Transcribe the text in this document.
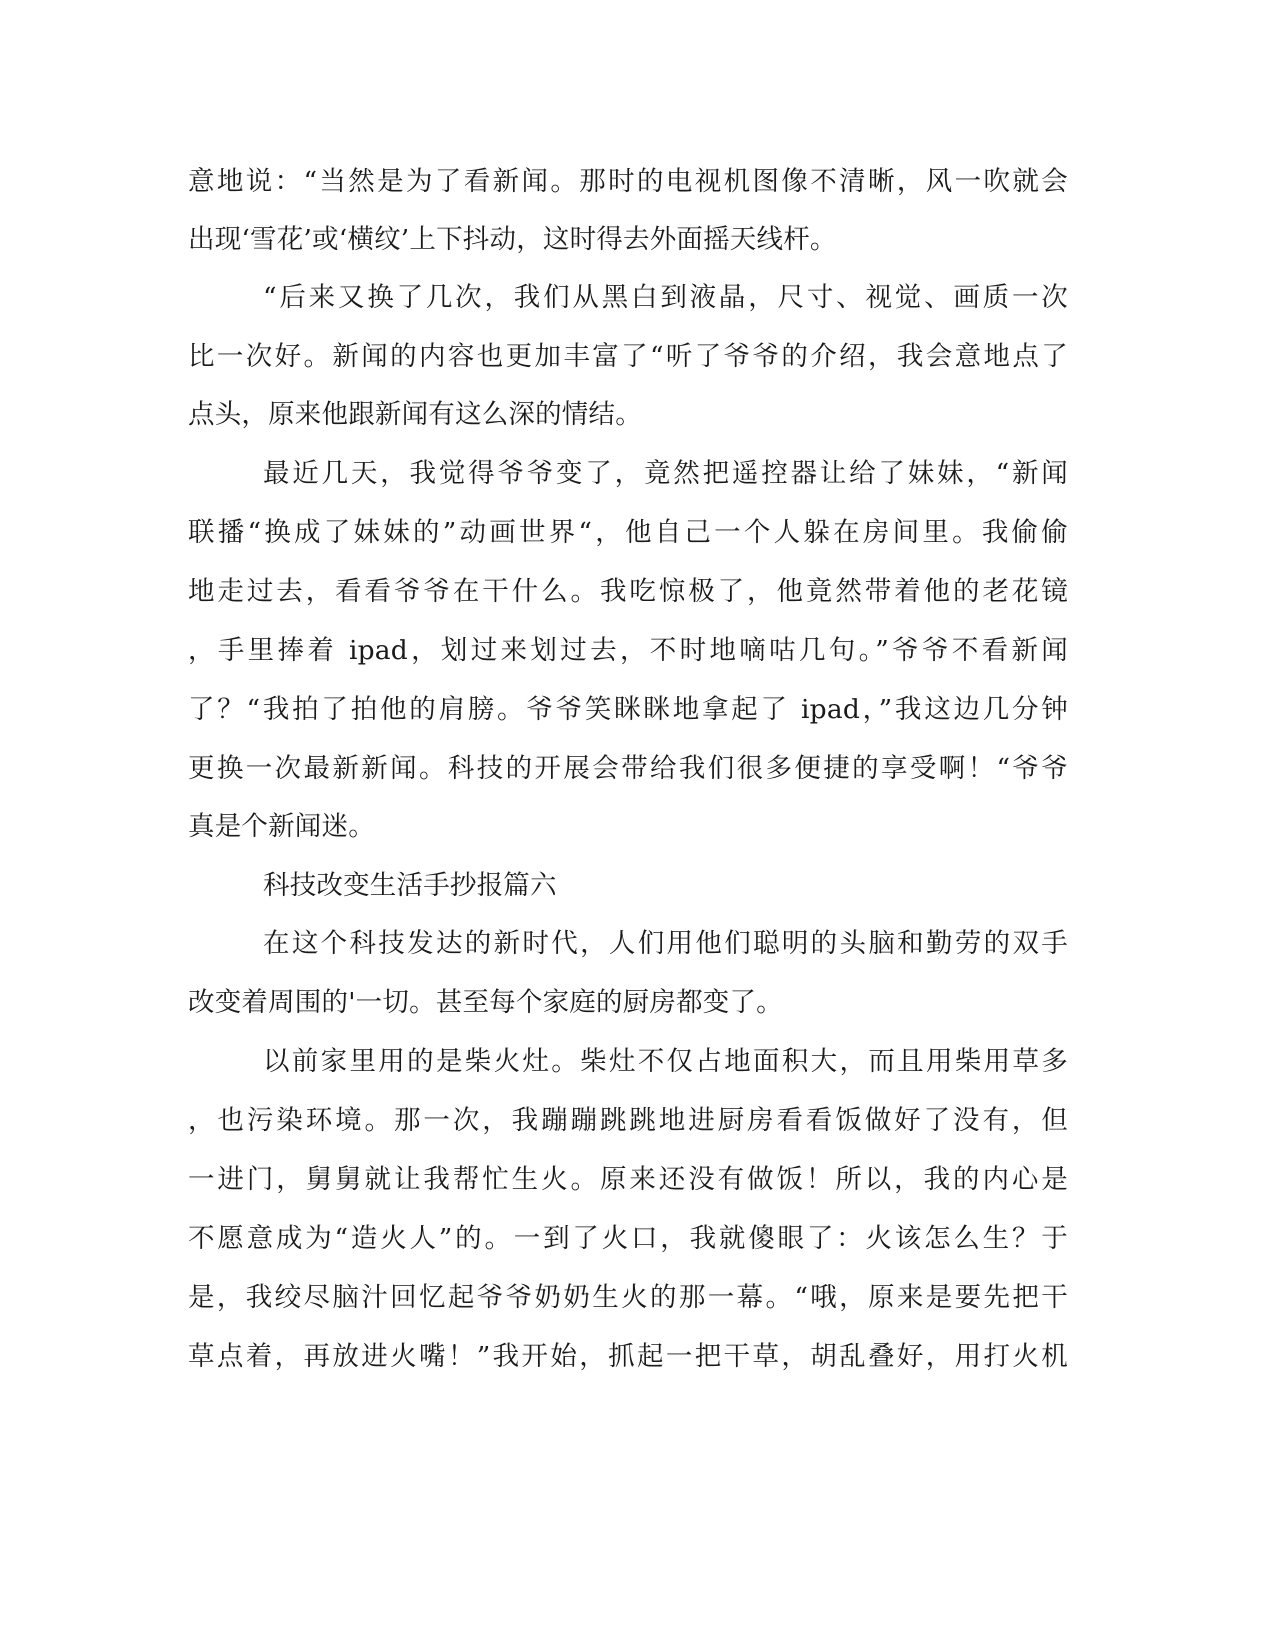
意地说：“当然是为了看新闻。那时的电视机图像不清晰，风一吹就会
出现‘雪花’或‘横纹’上下抖动，这时得去外面摇天线杆。
“后来又换了几次，我们从黑白到液晶，尺寸、视觉、画质一次
比一次好。新闻的内容也更加丰富了“听了爷爷的介绍，我会意地点了
点头，原来他跟新闻有这么深的情结。
最近几天，我觉得爷爷变了，竟然把遥控器让给了妹妹，“新闻
联播“换成了妹妹的”动画世界“，他自己一个人躲在房间里。我偷偷
地走过去，看看爷爷在干什么。我吃惊极了，他竟然带着他的老花镜
，手里捧着 ipad，划过来划过去，不时地嘀咕几句。”爷爷不看新闻
了？“我拍了拍他的肩膀。爷爷笑眯眯地拿起了 ipad，”我这边几分钟
更换一次最新新闻。科技的开展会带给我们很多便捷的享受啊！“爷爷
真是个新闻迷。
科技改变生活手抄报篇六
在这个科技发达的新时代，人们用他们聪明的头脑和勤劳的双手
改变着周围的'一切。甚至每个家庭的厨房都变了。
以前家里用的是柴火灶。柴灶不仅占地面积大，而且用柴用草多
，也污染环境。那一次，我蹦蹦跳跳地进厨房看看饭做好了没有，但
一进门，舅舅就让我帮忙生火。原来还没有做饭！所以，我的内心是
不愿意成为“造火人”的。一到了火口，我就傻眼了：火该怎么生？于
是，我绞尽脑汁回忆起爷爷奶奶生火的那一幕。“哦，原来是要先把干
草点着，再放进火嘴！”我开始，抓起一把干草，胡乱叠好，用打火机
